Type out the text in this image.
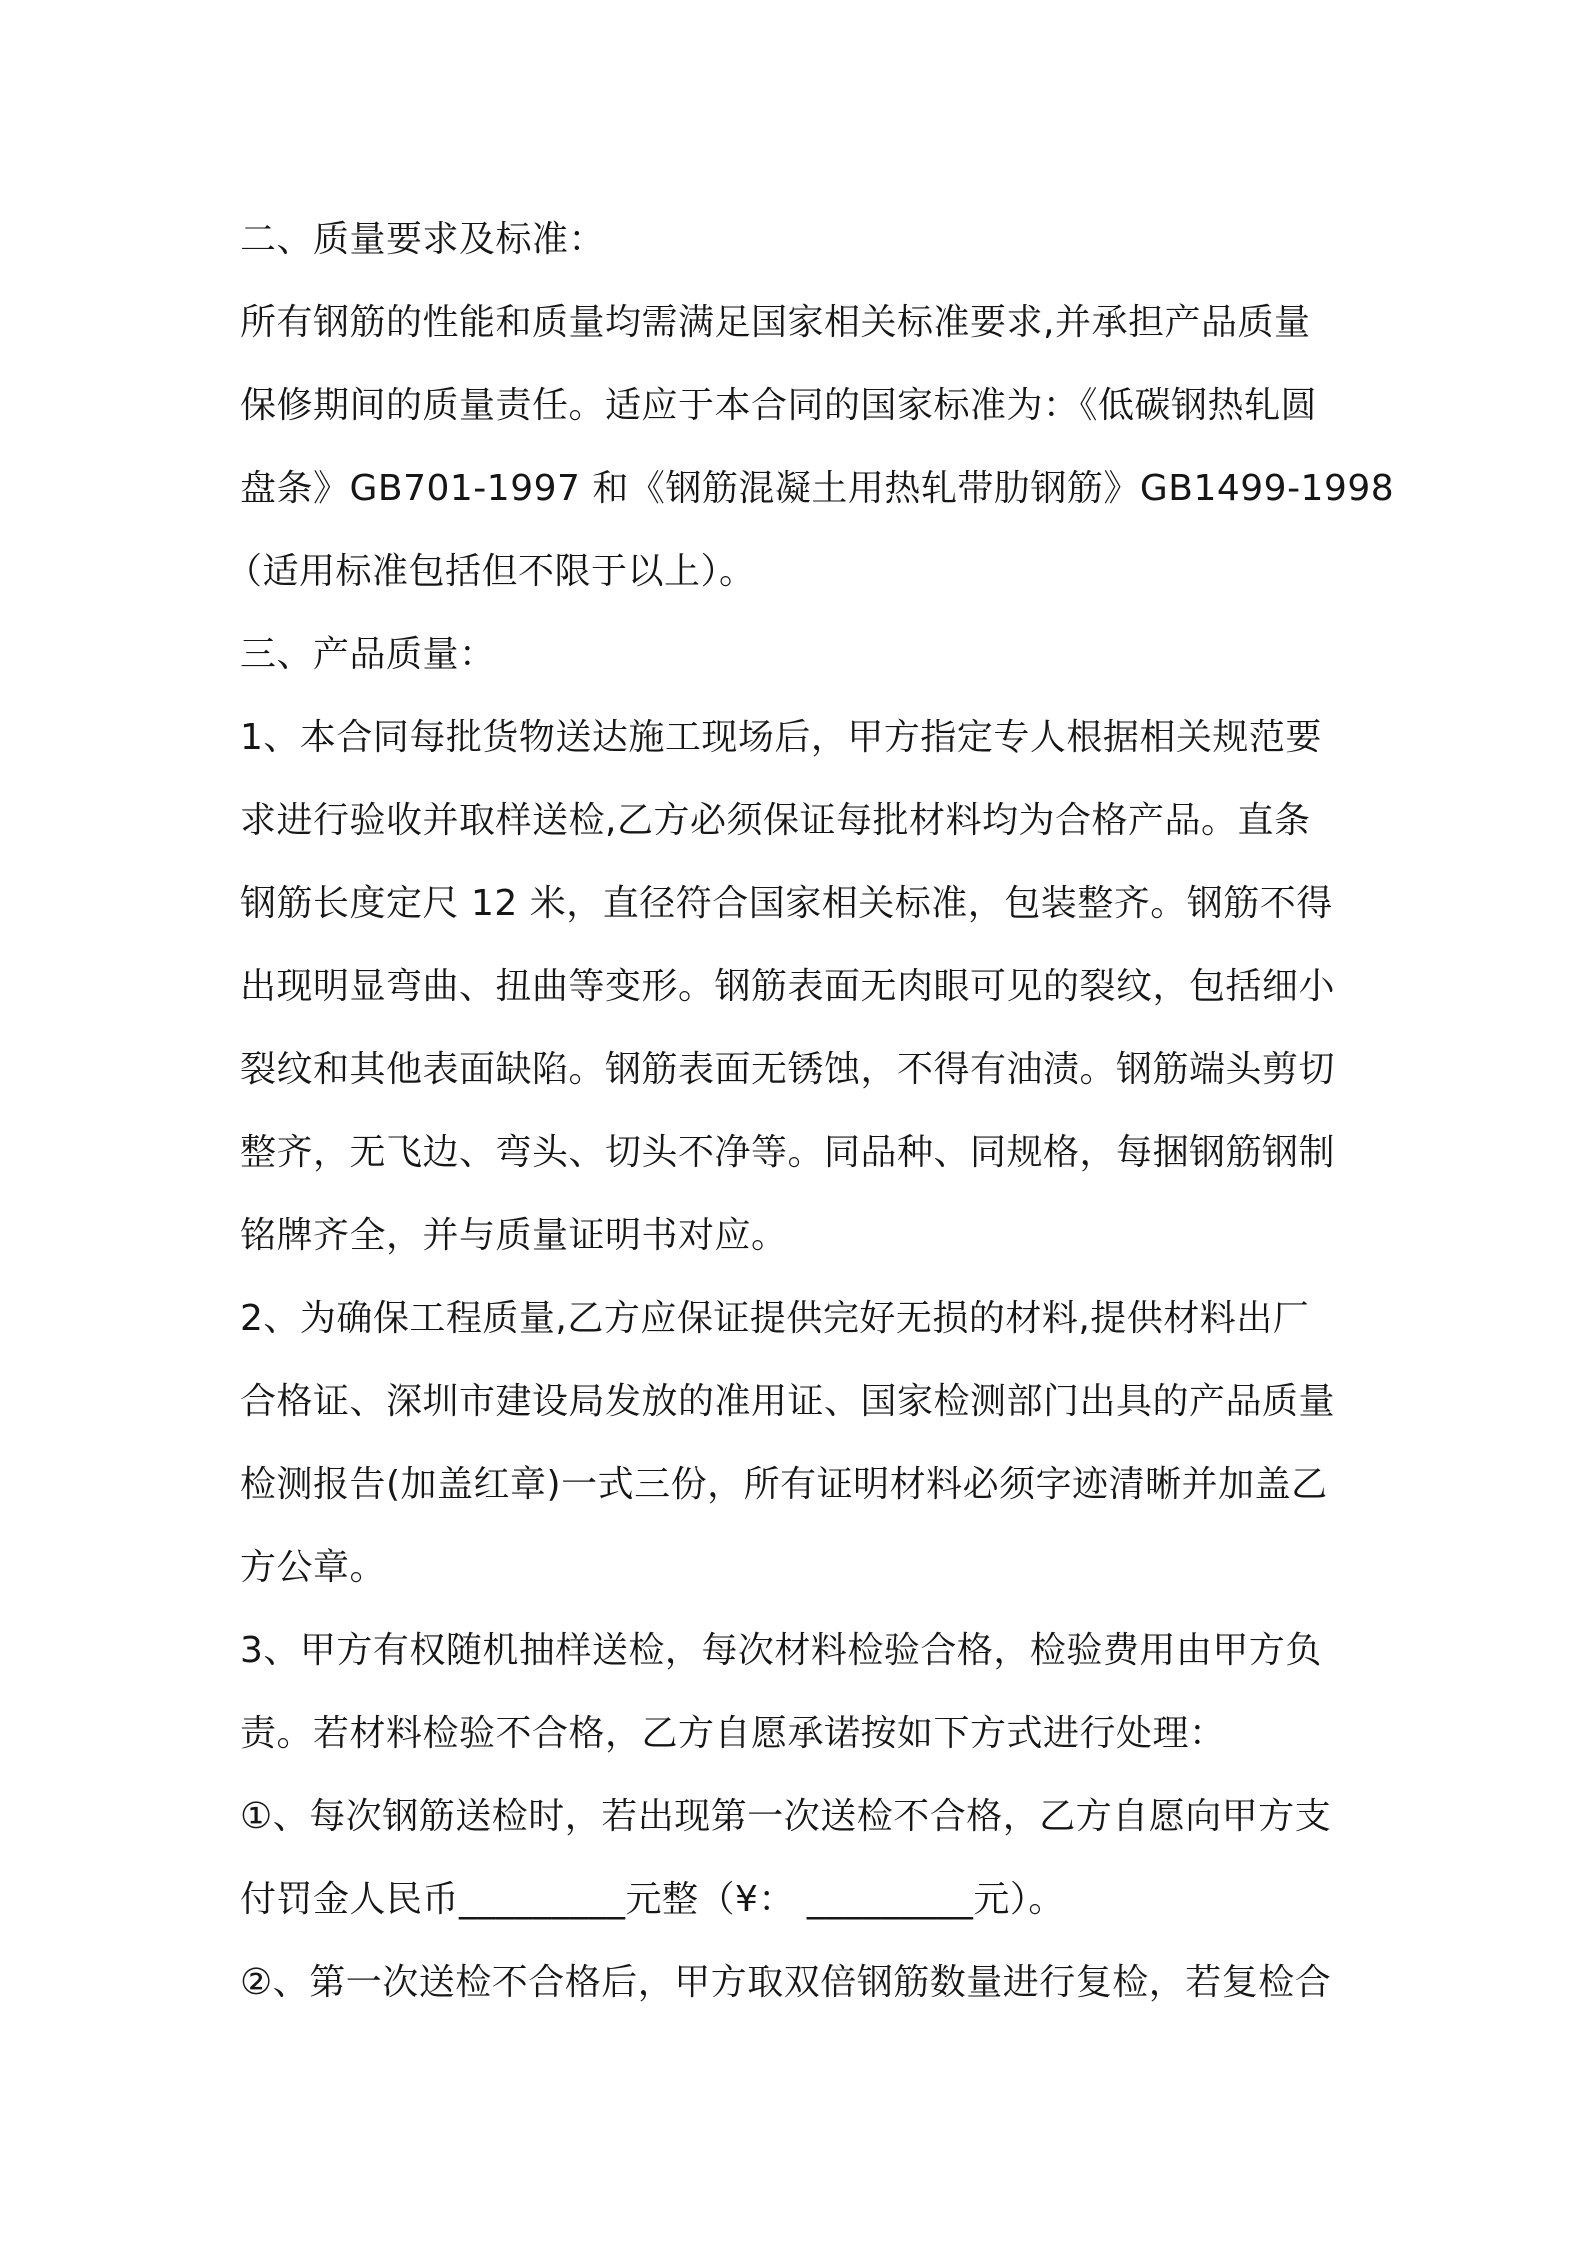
二、质量要求及标准：
所有钢筋的性能和质量均需满足国家相关标准要求,并承担产品质量
保修期间的质量责任。适应于本合同的国家标准为：《低碳钢热轧圆
盘条》GB701-1997 和《钢筋混凝土用热轧带肋钢筋》GB1499-1998
（适用标准包括但不限于以上）。
三、产品质量：
1、本合同每批货物送达施工现场后，甲方指定专人根据相关规范要
求进行验收并取样送检,乙方必须保证每批材料均为合格产品。直条
钢筋长度定尺 12 米，直径符合国家相关标准，包装整齐。钢筋不得
出现明显弯曲、扭曲等变形。钢筋表面无肉眼可见的裂纹，包括细小
裂纹和其他表面缺陷。钢筋表面无锈蚀，不得有油渍。钢筋端头剪切
整齐，无飞边、弯头、切头不净等。同品种、同规格，每捆钢筋钢制
铭牌齐全，并与质量证明书对应。
2、为确保工程质量,乙方应保证提供完好无损的材料,提供材料出厂
合格证、深圳市建设局发放的准用证、国家检测部门出具的产品质量
检测报告(加盖红章)一式三份，所有证明材料必须字迹清晰并加盖乙
方公章。
3、甲方有权随机抽样送检，每次材料检验合格，检验费用由甲方负
责。若材料检验不合格，乙方自愿承诺按如下方式进行处理：
①、每次钢筋送检时，若出现第一次送检不合格，乙方自愿向甲方支
付罚金人民币_________元整（¥： _________元）。
②、第一次送检不合格后，甲方取双倍钢筋数量进行复检，若复检合
